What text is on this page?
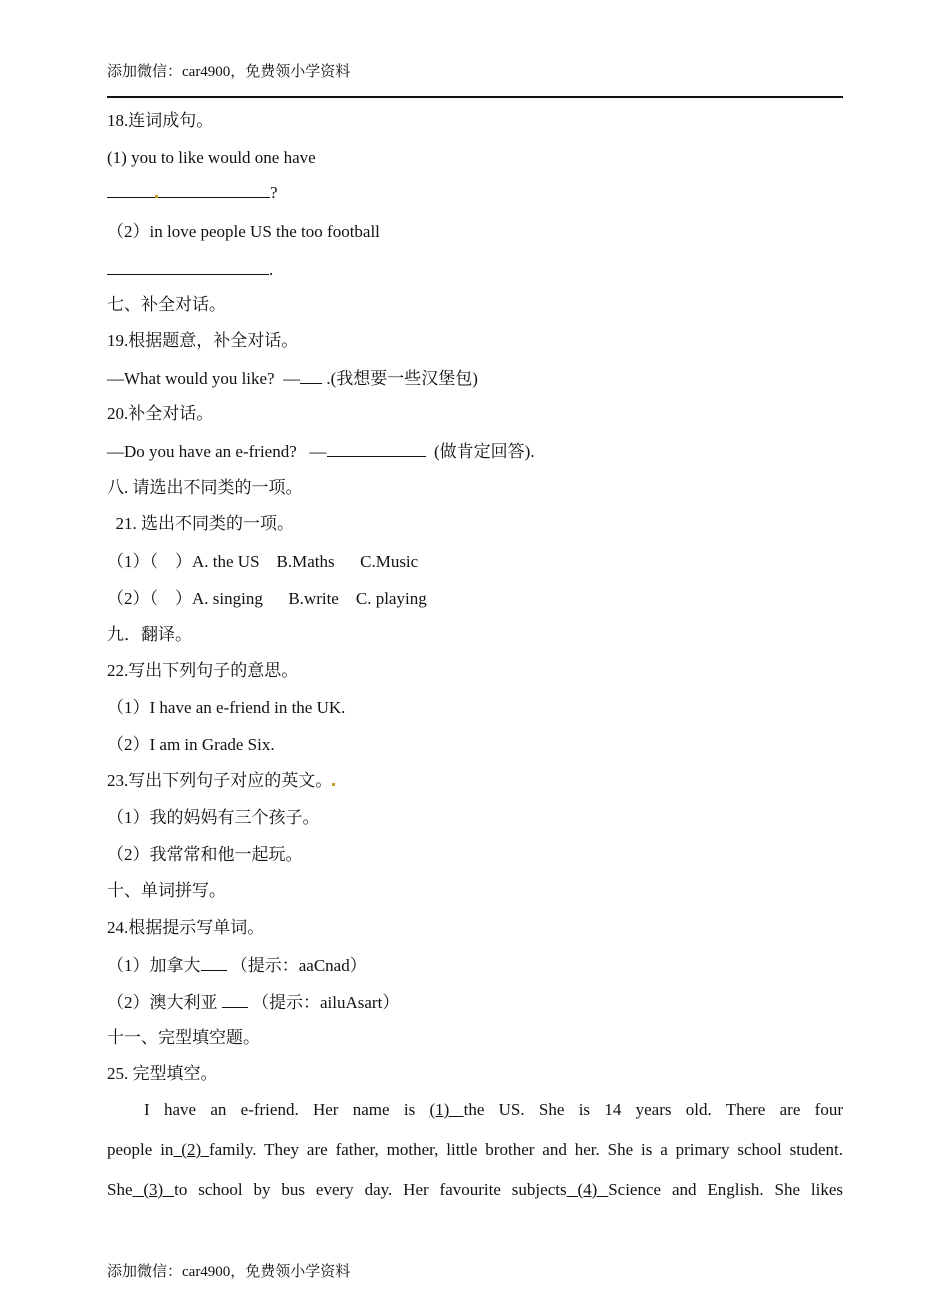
添加微信：car4900，免费领小学资料
18.连词成句。
(1) you to like would one have
?
（2）in love people US the too football
.
七、补全对话。
19.根据题意，补全对话。
—What would you like?  — .(我想要一些汉堡包)
20.补全对话。
—Do you have an e-friend?   —	(做肯定回答).
八. 请选出不同类的一项。
21. 选出不同类的一项。
（1）（    ）A. the US    B.Maths      C.Music
（2）（    ）A. singing      B.write    C. playing
九．翻译。
22.写出下列句子的意思。
（1）I have an e-friend in the UK.
（2）I am in Grade Six.
23.写出下列句子对应的英文。
（1）我的妈妈有三个孩子。
（2）我常常和他一起玩。
十、单词拼写。
24.根据提示写单词。
（1）加拿大 （提示：aaCnad）
（2）澳大利亚  （提示：ailuAsart）
十一、完型填空题。
25. 完型填空。
I have an e-friend. Her name is (1) the US. She is 14 years old. There are four
people in (2) family. They are father, mother, little brother and her. She is a primary school student.
She (3) to school by bus every day. Her favourite subjects (4) Science and English. She likes
添加微信：car4900，免费领小学资料
